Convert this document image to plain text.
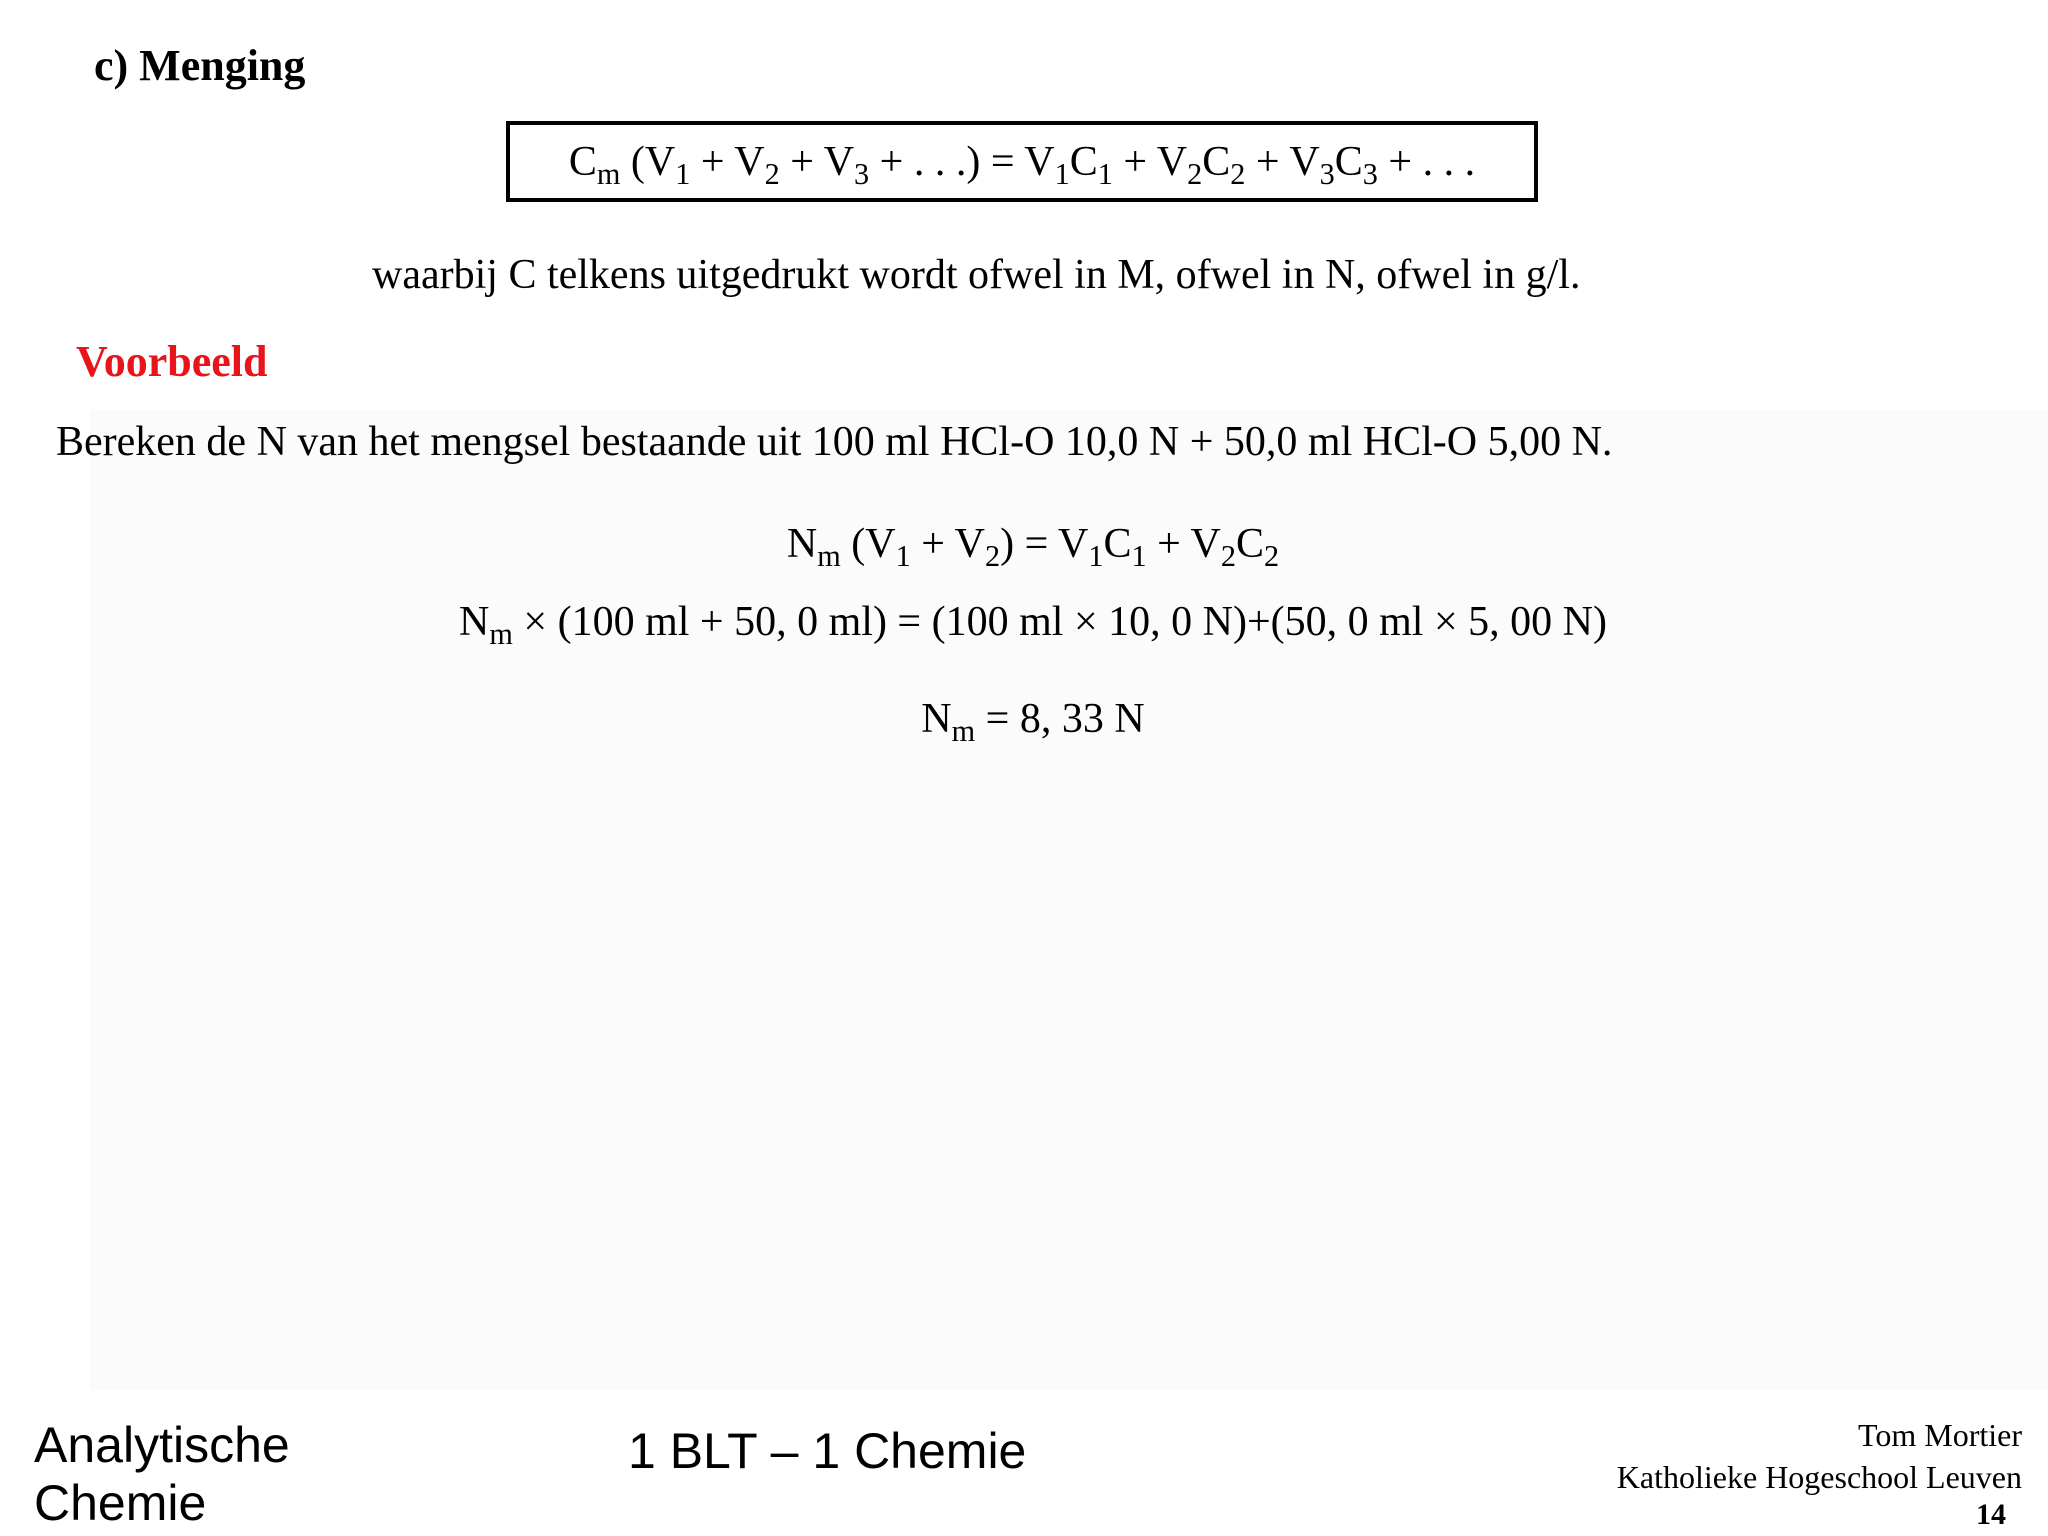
c) Menging
$C_m$ ($V_1 + V_2 + V_3$ + . . .) = $V_1C_1 + V_2C_2 + V_3C_3$ + . . .
waarbij C telkens uitgedrukt wordt ofwel in M, ofwel in N, ofwel in g/l.
Voorbeeld
Bereken de N van het mengsel bestaande uit 100 ml HCl-O 10,0 N + 50,0 ml HCl-O 5,00 N.
$N_m$ $(V_1 + V_2) = V_1C_1 + V_2C_2$
$N_m \times (100$ ml + 50, 0 ml) = (100 ml × 10, 0 N)+(50, 0 ml × 5, 00 N)
$N_m = 8$, 33 N
Analytische Chemie
1 BLT – 1 Chemie	Tom Mortier
Katholieke Hogeschool Leuven
14
